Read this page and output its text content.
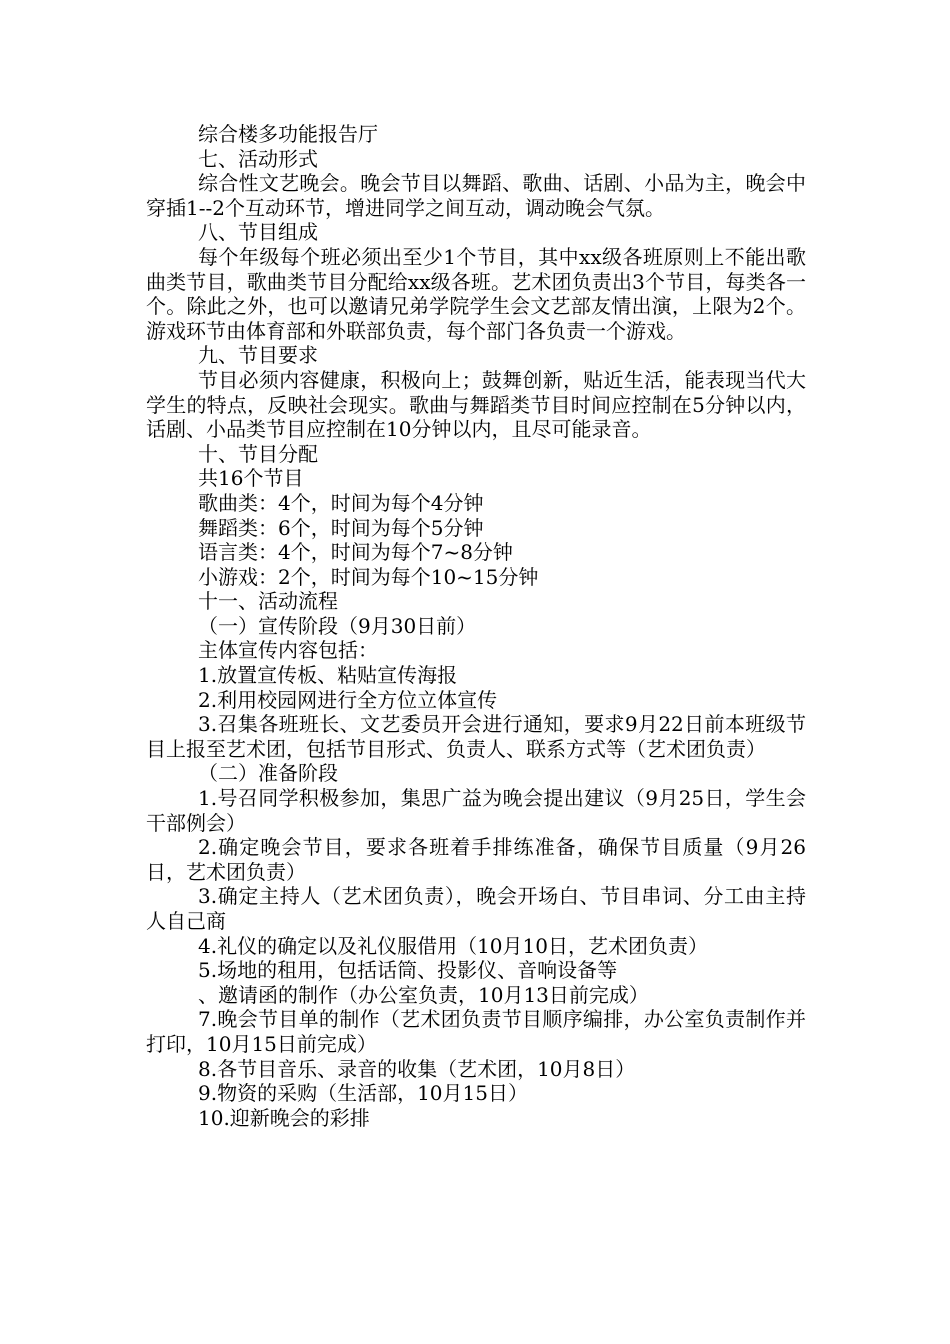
综合楼多功能报告厅

七、活动形式

综合性文艺晚会。晚会节目以舞蹈、歌曲、话剧、小品为主，晚会中穿插1--2个互动环节，增进同学之间互动，调动晚会气氛。

八、节目组成

每个年级每个班必须出至少1个节目，其中xx级各班原则上不能出歌曲类节目，歌曲类节目分配给xx级各班。艺术团负责出3个节目，每类各一个。除此之外，也可以邀请兄弟学院学生会文艺部友情出演，上限为2个。游戏环节由体育部和外联部负责，每个部门各负责一个游戏。

九、节目要求

节目必须内容健康，积极向上；鼓舞创新，贴近生活，能表现当代大学生的特点，反映社会现实。歌曲与舞蹈类节目时间应控制在5分钟以内，话剧、小品类节目应控制在10分钟以内，且尽可能录音。

十、节目分配

共16个节目

歌曲类：4个，时间为每个4分钟

舞蹈类：6个，时间为每个5分钟

语言类：4个，时间为每个7~8分钟

小游戏：2个，时间为每个10~15分钟

十一、活动流程

（一）宣传阶段（9月30日前）

主体宣传内容包括：

1.放置宣传板、粘贴宣传海报

2.利用校园网进行全方位立体宣传

3.召集各班班长、文艺委员开会进行通知，要求9月22日前本班级节目上报至艺术团，包括节目形式、负责人、联系方式等（艺术团负责）

（二）准备阶段

1.号召同学积极参加，集思广益为晚会提出建议（9月25日，学生会干部例会）

2.确定晚会节目，要求各班着手排练准备，确保节目质量（9月26日，艺术团负责）

3.确定主持人（艺术团负责），晚会开场白、节目串词、分工由主持人自己商

4.礼仪的确定以及礼仪服借用（10月10日，艺术团负责）

5.场地的租用，包括话筒、投影仪、音响设备等

、邀请函的制作（办公室负责，10月13日前完成）

7.晚会节目单的制作（艺术团负责节目顺序编排，办公室负责制作并打印，10月15日前完成）

8.各节目音乐、录音的收集（艺术团，10月8日）

9.物资的采购（生活部，10月15日）

10.迎新晚会的彩排
